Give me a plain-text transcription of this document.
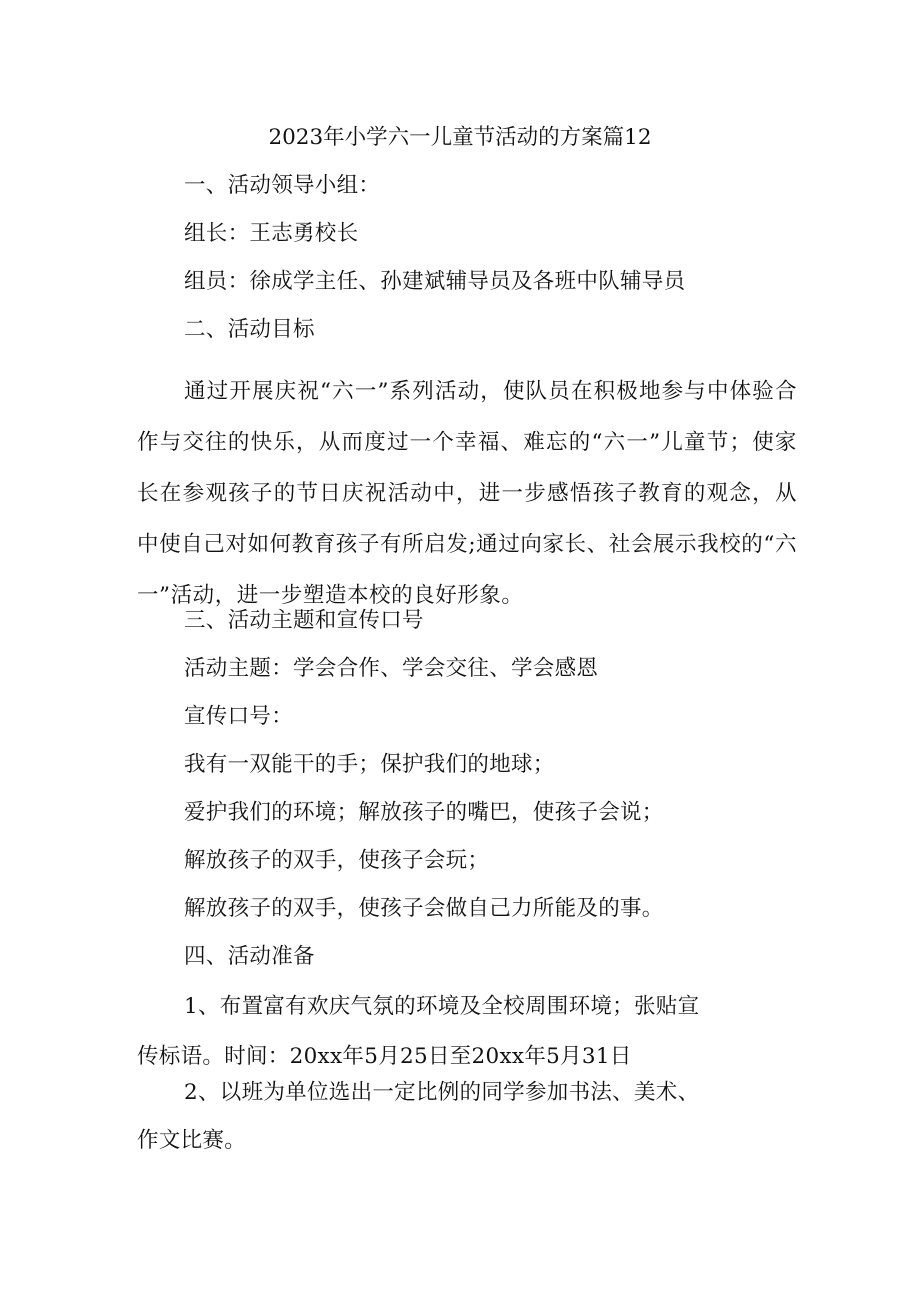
2023年小学六一儿童节活动的方案篇12
一、活动领导小组：
组长：王志勇校长
组员：徐成学主任、孙建斌辅导员及各班中队辅导员
二、活动目标
通过开展庆祝“六一”系列活动，使队员在积极地参与中体验合作与交往的快乐，从而度过一个幸福、难忘的“六一”儿童节；使家长在参观孩子的节日庆祝活动中，进一步感悟孩子教育的观念，从中使自己对如何教育孩子有所启发;通过向家长、社会展示我校的“六一”活动，进一步塑造本校的良好形象。
三、活动主题和宣传口号
活动主题：学会合作、学会交往、学会感恩
宣传口号：
我有一双能干的手；保护我们的地球；
爱护我们的环境；解放孩子的嘴巴，使孩子会说；
解放孩子的双手，使孩子会玩；
解放孩子的双手，使孩子会做自己力所能及的事。
四、活动准备
1、布置富有欢庆气氛的环境及全校周围环境；张贴宣
传标语。时间：20xx年5月25日至20xx年5月31日
2、以班为单位选出一定比例的同学参加书法、美术、
作文比赛。
